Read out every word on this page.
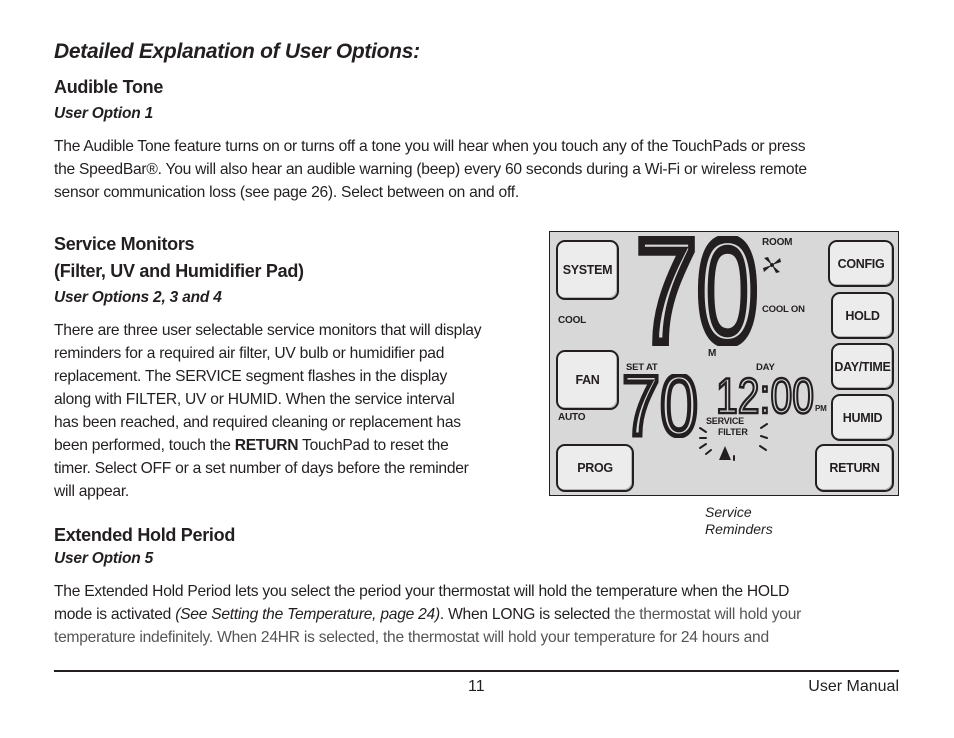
Detailed Explanation of User Options:
Audible Tone
User Option 1
The Audible Tone feature turns on or turns off a tone you will hear when you touch any of the TouchPads or press
the SpeedBar®. You will also hear an audible warning (beep) every 60 seconds during a Wi-Fi or wireless remote
sensor communication loss (see page 26). Select between on and off.
Service Monitors
(Filter, UV and Humidifier Pad)
User Options 2, 3 and 4
There are three user selectable service monitors that will display
reminders for a required air filter, UV bulb or humidifier pad
replacement. The SERVICE segment flashes in the display
along with FILTER, UV or HUMID. When the service interval
has been reached, and required cleaning or replacement has
been performed, touch the RETURN TouchPad to reset the
timer. Select OFF or a set number of days before the reminder
will appear.
SYSTEM
FAN
PROG
CONFIG
HOLD
DAY/TIME
HUMID
RETURN
ROOM
COOL ON
COOL
AUTO
M
SET AT	DAY
PM
SERVICE
FILTER
70
70 12:00
Service
Reminders
Extended Hold Period
User Option 5
The Extended Hold Period lets you select the period your thermostat will hold the temperature when the HOLD
mode is activated (See Setting the Temperature, page 24). When LONG is selected the thermostat will hold your
temperature indefinitely. When 24HR is selected, the thermostat will hold your temperature for 24 hours and
11	User Manual
